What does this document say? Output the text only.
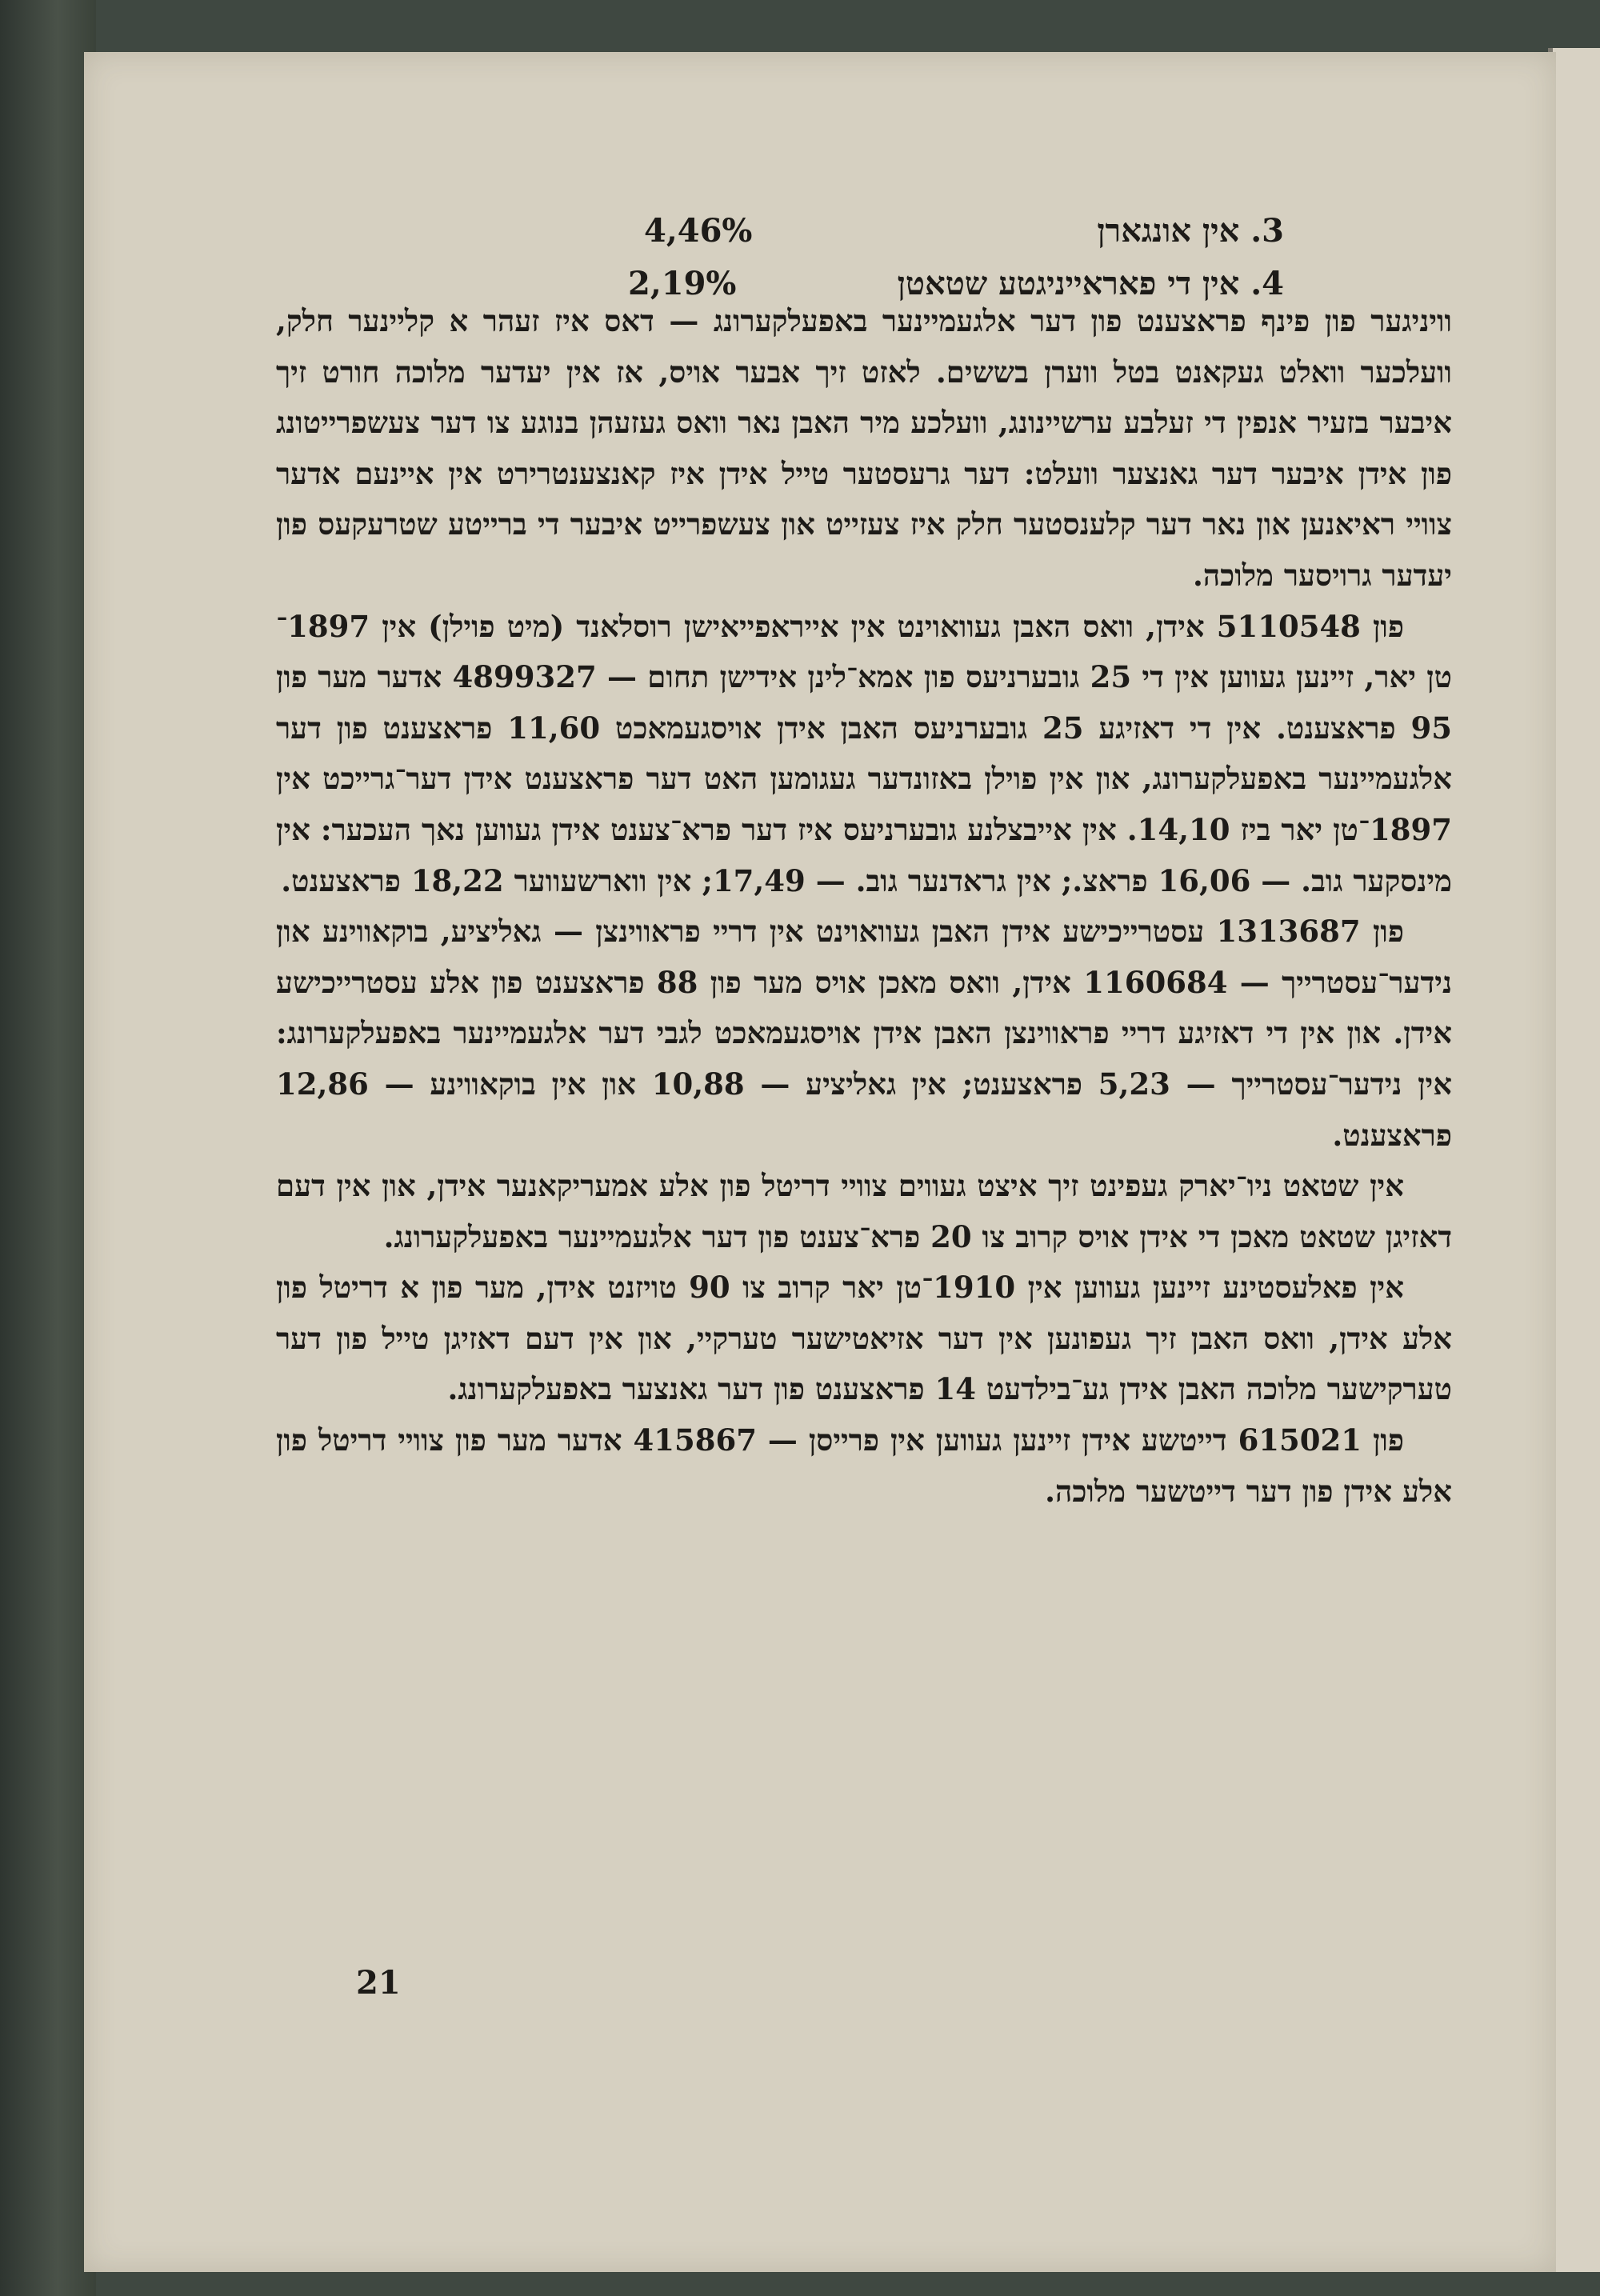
3. אין אונגארן
4,46%
4. אין די פאראייניגטע שטאטן
2,19%

וויניגער פון פינף פראצענט פון דער אלגעמיינער באפעלקערונג — דאס איז זעהר א קליינער חלק, וועלכער וואלט געקאנט בטל ווערן בששים. לאזט זיך אבער אויס, אז אין יעדער מלוכה חורט זיך איבער בזעיר אנפין די זעלבע ערשיינונג, וועלכע מיר האבן נאר וואס געזעהן בנוגע צו דער צעשפרייטונג פון אידן איבער דער גאנצער וועלט: דער גרעסטער טייל אידן איז קאנצענטרירט אין איינעם אדער צוויי ראיאנען און נאר דער קלענסטער חלק איז צעזייט און צעשפרייט איבער די ברייטע שטרעקעס פון יעדער גרויסער מלוכה.

פון 5110548 אידן, וואס האבן געוואוינט אין אייראפייאישן רוסלאנד (מיט פוילן) אין 1897־טן יאר, זיינען געווען אין די 25 גובערניעס פון אמא־לינן אידישן תחום — 4899327 אדער מער פון 95 פראצענט. אין די דאזיגע 25 גובערניעס האבן אידן אויסגעמאכט 11,60 פראצענט פון דער אלגעמיינער באפעלקערונג, און אין פוילן באזונדער געגומען האט דער פראצענט אידן דער־גרייכט אין 1897־טן יאר ביז 14,10. אין אייבצלנע גובערניעס איז דער פרא־צענט אידן געווען נאך העכער: אין מינסקער גוב. — 16,06 פראצ.; אין גראדנער גוב. — 17,49; אין ווארשעווער 18,22 פראצענט.

פון 1313687 עסטרייכישע אידן האבן געוואוינט אין דריי פראווינצן — גאליציע, בוקאווינע און נידער־עסטרייך — 1160684 אידן, וואס מאכן אויס מער פון 88 פראצענט פון אלע עסטרייכישע אידן. און אין די דאזיגע דריי פראווינצן האבן אידן אויסגעמאכט לגבי דער אלגעמיינער באפעלקערונג: אין נידער־עסטרייך — 5,23 פראצענט; אין גאליציע — 10,88 און אין בוקאווינע — 12,86 פראצענט.

אין שטאט ניו־יארק געפינט זיך איצט געווים צוויי דריטל פון אלע אמעריקאנער אידן, און אין דעם דאזיגן שטאט מאכן די אידן אויס קרוב צו 20 פרא־צענט פון דער אלגעמיינער באפעלקערונג.

אין פאלעסטינע זיינען געווען אין 1910־טן יאר קרוב צו 90 טויזנט אידן, מער פון א דריטל פון אלע אידן, וואס האבן זיך געפונען אין דער אזיאטישער טערקיי, און אין דעם דאזיגן טייל פון דער טערקישער מלוכה האבן אידן גע־בילדעט 14 פראצענט פון דער גאנצער באפעלקערונג.

פון 615021 דייטשע אידן זיינען געווען אין פרייסן — 415867 אדער מער פון צוויי דריטל פון אלע אידן פון דער דייטשער מלוכה.

21
